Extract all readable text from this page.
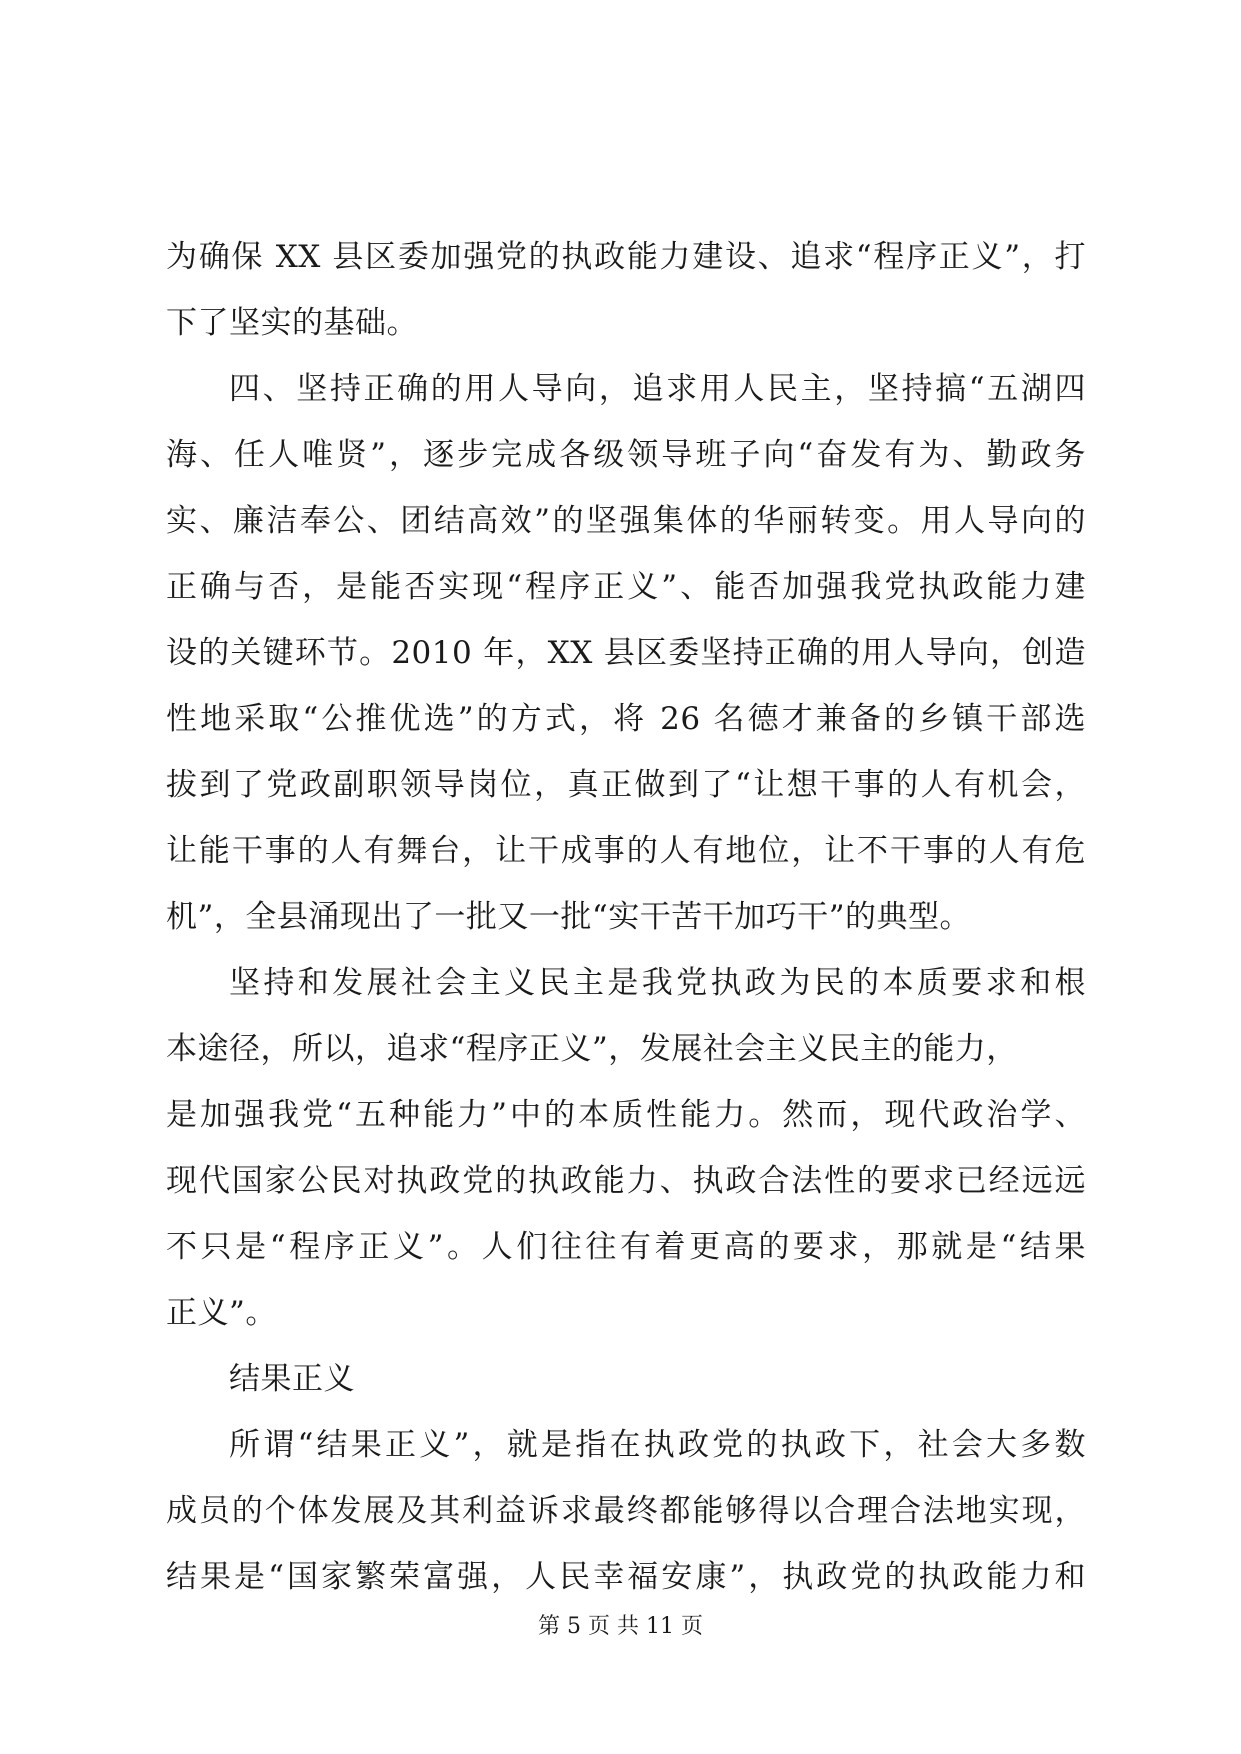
为确保 XX 县区委加强党的执政能力建设、追求“程序正义”，打
下了坚实的基础。
四、坚持正确的用人导向，追求用人民主，坚持搞“五湖四
海、任人唯贤”，逐步完成各级领导班子向“奋发有为、勤政务
实、廉洁奉公、团结高效”的坚强集体的华丽转变。用人导向的
正确与否，是能否实现“程序正义”、能否加强我党执政能力建
设的关键环节。2010 年，XX 县区委坚持正确的用人导向，创造
性地采取“公推优选”的方式，将 26 名德才兼备的乡镇干部选
拔到了党政副职领导岗位，真正做到了“让想干事的人有机会，
让能干事的人有舞台，让干成事的人有地位，让不干事的人有危
机”，全县涌现出了一批又一批“实干苦干加巧干”的典型。
坚持和发展社会主义民主是我党执政为民的本质要求和根
本途径，所以，追求“程序正义”，发展社会主义民主的能力，
是加强我党“五种能力”中的本质性能力。然而，现代政治学、
现代国家公民对执政党的执政能力、执政合法性的要求已经远远
不只是“程序正义”。人们往往有着更高的要求，那就是“结果
正义”。
结果正义
所谓“结果正义”，就是指在执政党的执政下，社会大多数
成员的个体发展及其利益诉求最终都能够得以合理合法地实现，
结果是“国家繁荣富强，人民幸福安康”，执政党的执政能力和
第 5 页 共 11 页
